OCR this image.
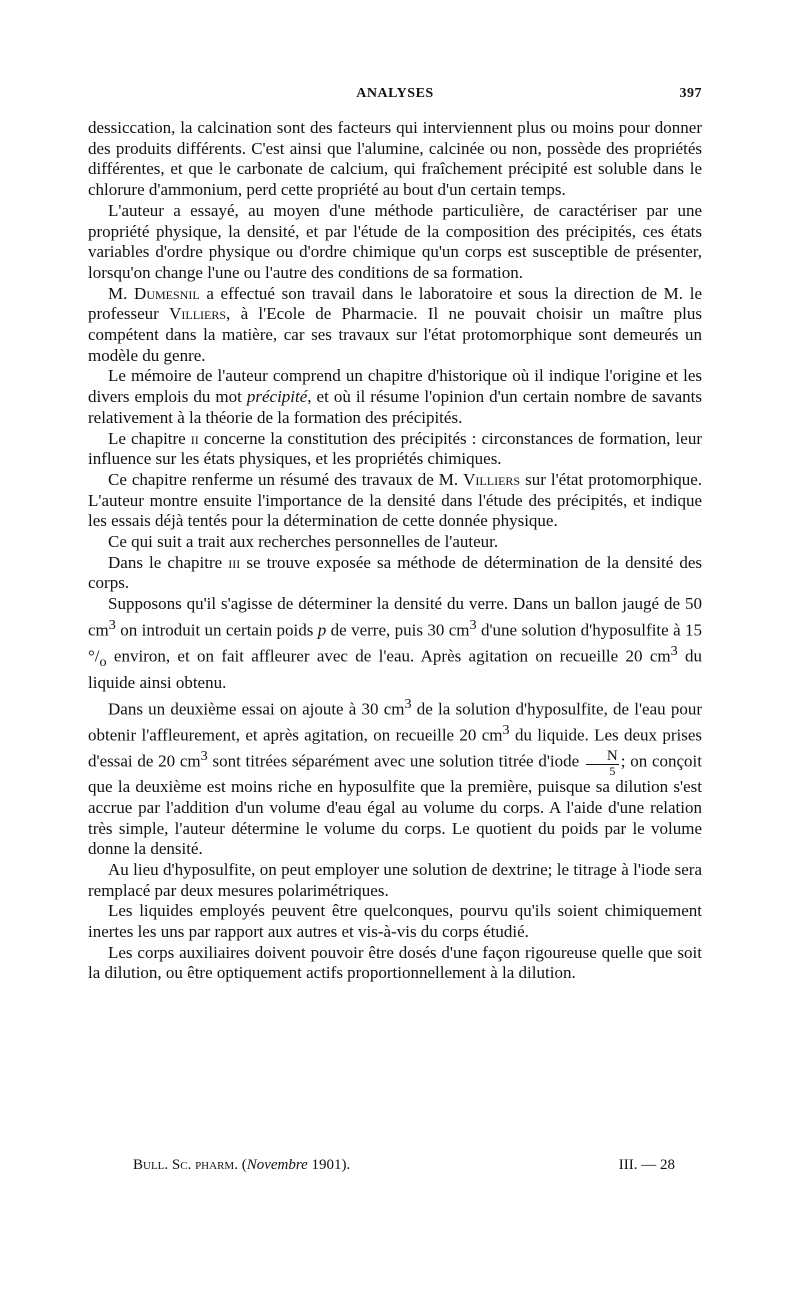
ANALYSES	397

dessiccation, la calcination sont des facteurs qui interviennent plus ou moins pour donner des produits différents. C'est ainsi que l'alumine, calcinée ou non, possède des propriétés différentes, et que le carbonate de calcium, qui fraîchement précipité est soluble dans le chlorure d'ammonium, perd cette propriété au bout d'un certain temps.

L'auteur a essayé, au moyen d'une méthode particulière, de caractériser par une propriété physique, la densité, et par l'étude de la composition des précipités, ces états variables d'ordre physique ou d'ordre chimique qu'un corps est susceptible de présenter, lorsqu'on change l'une ou l'autre des conditions de sa formation.

M. Dumesnil a effectué son travail dans le laboratoire et sous la direction de M. le professeur Villiers, à l'Ecole de Pharmacie. Il ne pouvait choisir un maître plus compétent dans la matière, car ses travaux sur l'état protomorphique sont demeurés un modèle du genre.

Le mémoire de l'auteur comprend un chapitre d'historique où il indique l'origine et les divers emplois du mot précipité, et où il résume l'opinion d'un certain nombre de savants relativement à la théorie de la formation des précipités.

Le chapitre ii concerne la constitution des précipités : circonstances de formation, leur influence sur les états physiques, et les propriétés chimiques.

Ce chapitre renferme un résumé des travaux de M. Villiers sur l'état protomorphique. L'auteur montre ensuite l'importance de la densité dans l'étude des précipités, et indique les essais déjà tentés pour la détermination de cette donnée physique.

Ce qui suit a trait aux recherches personnelles de l'auteur.

Dans le chapitre iii se trouve exposée sa méthode de détermination de la densité des corps.

Supposons qu'il s'agisse de déterminer la densité du verre. Dans un ballon jaugé de 50 $cm^3$ on introduit un certain poids p de verre, puis 30 $cm^3$ d'une solution d'hyposulfite à 15 $^\circ/_o$ environ, et on fait affleurer avec de l'eau. Après agitation on recueille 20 $cm^3$ du liquide ainsi obtenu.

Dans un deuxième essai on ajoute à 30 $cm^3$ de la solution d'hyposulfite, de l'eau pour obtenir l'affleurement, et après agitation, on recueille 20 $cm^3$ du liquide. Les deux prises d'essai de 20 $cm^3$ sont titrées séparément avec une solution titrée d'iode $\frac{N}{5}$ ; on conçoit que la deuxième est moins riche en hyposulfite que la première, puisque sa dilution s'est accrue par l'addition d'un volume d'eau égal au volume du corps. A l'aide d'une relation très simple, l'auteur détermine le volume du corps. Le quotient du poids par le volume donne la densité.

Au lieu d'hyposulfite, on peut employer une solution de dextrine; le titrage à l'iode sera remplacé par deux mesures polarimétriques.

Les liquides employés peuvent être quelconques, pourvu qu'ils soient chimiquement inertes les uns par rapport aux autres et vis-à-vis du corps étudié.

Les corps auxiliaires doivent pouvoir être dosés d'une façon rigoureuse quelle que soit la dilution, ou être optiquement actifs proportionnellement à la dilution.

Bull. Sc. pharm. (Novembre 1901).	III. — 28
